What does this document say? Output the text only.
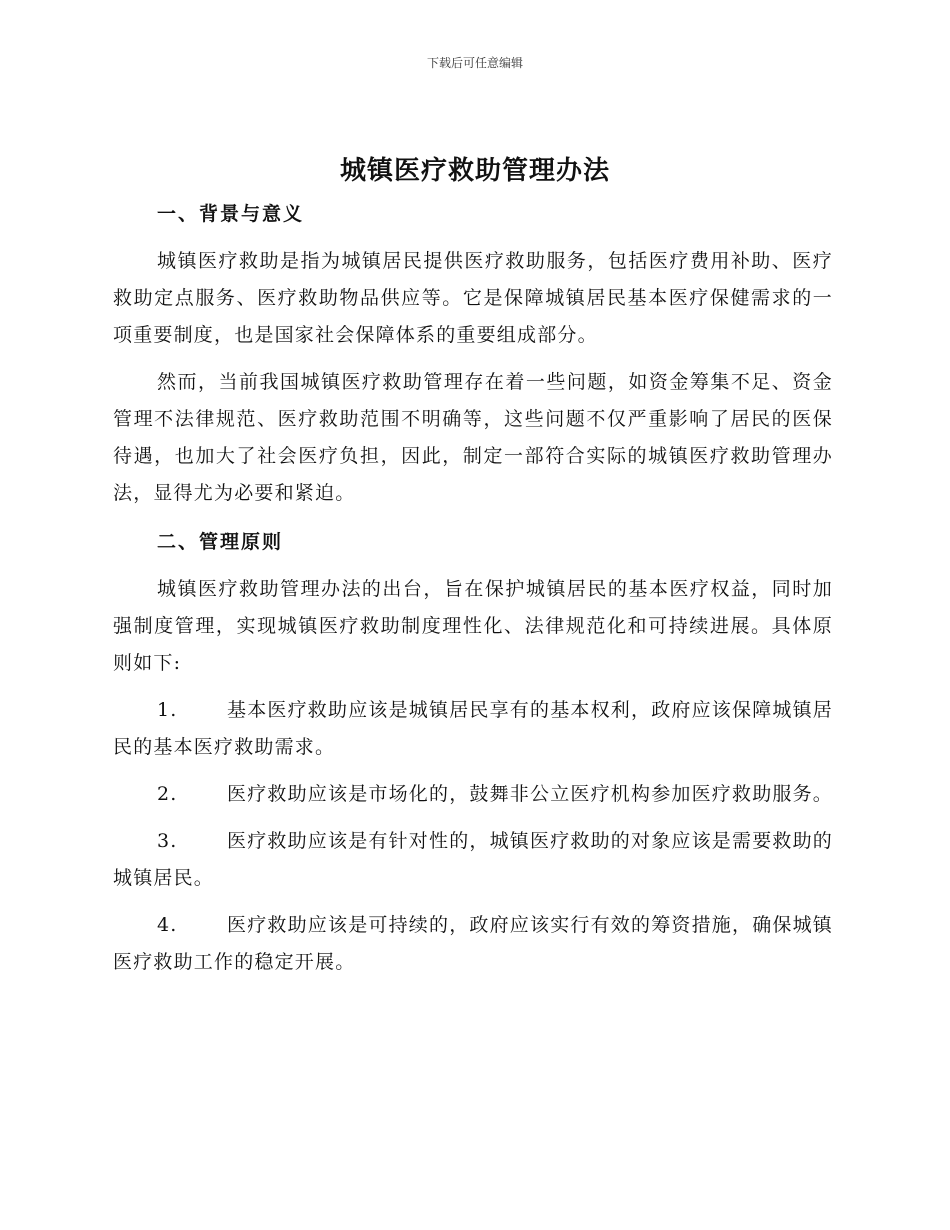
下载后可任意编辑
城镇医疗救助管理办法
一、背景与意义
城镇医疗救助是指为城镇居民提供医疗救助服务，包括医疗费用补助、医疗救助定点服务、医疗救助物品供应等。它是保障城镇居民基本医疗保健需求的一项重要制度，也是国家社会保障体系的重要组成部分。
然而，当前我国城镇医疗救助管理存在着一些问题，如资金筹集不足、资金管理不法律规范、医疗救助范围不明确等，这些问题不仅严重影响了居民的医保待遇，也加大了社会医疗负担，因此，制定一部符合实际的城镇医疗救助管理办法，显得尤为必要和紧迫。
二、管理原则
城镇医疗救助管理办法的出台，旨在保护城镇居民的基本医疗权益，同时加强制度管理，实现城镇医疗救助制度理性化、法律规范化和可持续进展。具体原则如下:
1.	基本医疗救助应该是城镇居民享有的基本权利，政府应该保障城镇居民的基本医疗救助需求。
2.	医疗救助应该是市场化的，鼓舞非公立医疗机构参加医疗救助服务。
3.	医疗救助应该是有针对性的，城镇医疗救助的对象应该是需要救助的城镇居民。
4.	医疗救助应该是可持续的，政府应该实行有效的筹资措施，确保城镇医疗救助工作的稳定开展。
